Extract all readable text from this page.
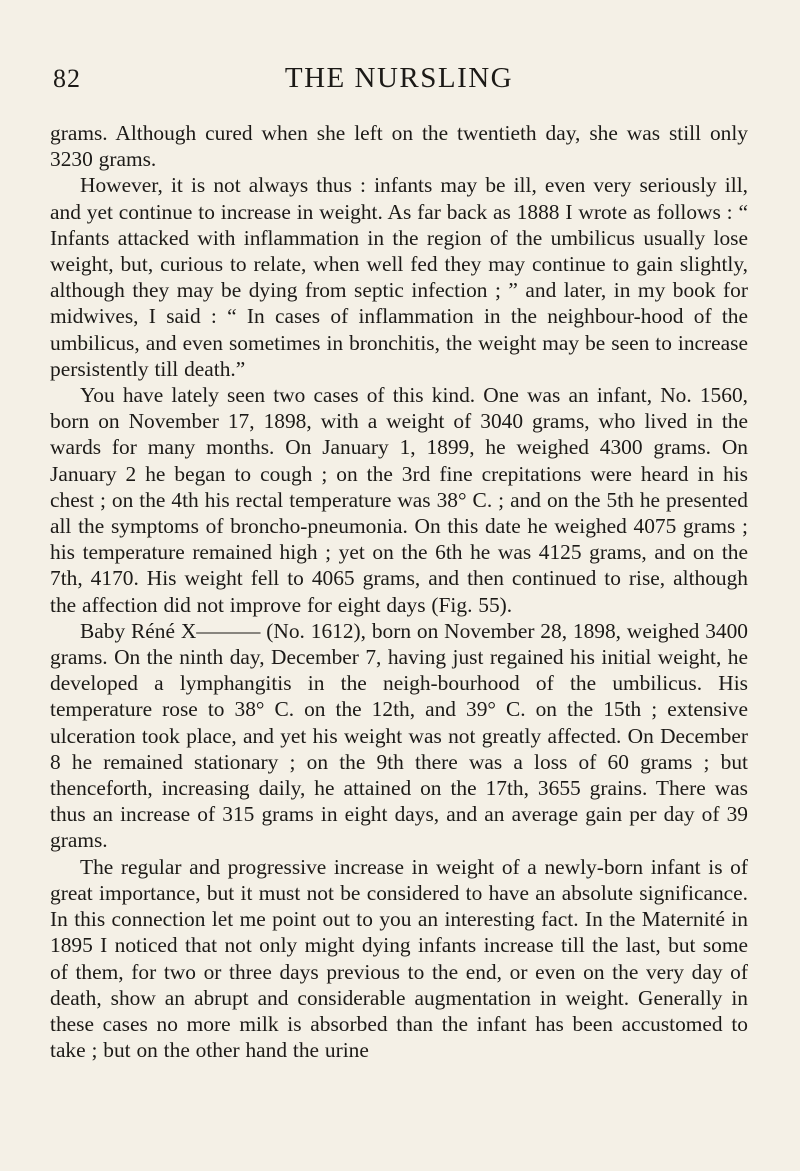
82	THE NURSLING

grams. Although cured when she left on the twentieth day, she was still only 3230 grams.

However, it is not always thus : infants may be ill, even very seriously ill, and yet continue to increase in weight. As far back as 1888 I wrote as follows : “ Infants attacked with inflammation in the region of the umbilicus usually lose weight, but, curious to relate, when well fed they may continue to gain slightly, although they may be dying from septic infection ; ” and later, in my book for midwives, I said : “ In cases of inflammation in the neighbour-hood of the umbilicus, and even sometimes in bronchitis, the weight may be seen to increase persistently till death.”

You have lately seen two cases of this kind. One was an infant, No. 1560, born on November 17, 1898, with a weight of 3040 grams, who lived in the wards for many months. On January 1, 1899, he weighed 4300 grams. On January 2 he began to cough ; on the 3rd fine crepitations were heard in his chest ; on the 4th his rectal temperature was 38° C. ; and on the 5th he presented all the symptoms of broncho-pneumonia. On this date he weighed 4075 grams ; his temperature remained high ; yet on the 6th he was 4125 grams, and on the 7th, 4170. His weight fell to 4065 grams, and then continued to rise, although the affection did not improve for eight days (Fig. 55).

Baby Réné X——— (No. 1612), born on November 28, 1898, weighed 3400 grams. On the ninth day, December 7, having just regained his initial weight, he developed a lymphangitis in the neigh-bourhood of the umbilicus. His temperature rose to 38° C. on the 12th, and 39° C. on the 15th ; extensive ulceration took place, and yet his weight was not greatly affected. On December 8 he remained stationary ; on the 9th there was a loss of 60 grams ; but thenceforth, increasing daily, he attained on the 17th, 3655 grains. There was thus an increase of 315 grams in eight days, and an average gain per day of 39 grams.

The regular and progressive increase in weight of a newly-born infant is of great importance, but it must not be considered to have an absolute significance. In this connection let me point out to you an interesting fact. In the Maternité in 1895 I noticed that not only might dying infants increase till the last, but some of them, for two or three days previous to the end, or even on the very day of death, show an abrupt and considerable augmentation in weight. Generally in these cases no more milk is absorbed than the infant has been accustomed to take ; but on the other hand the urine
